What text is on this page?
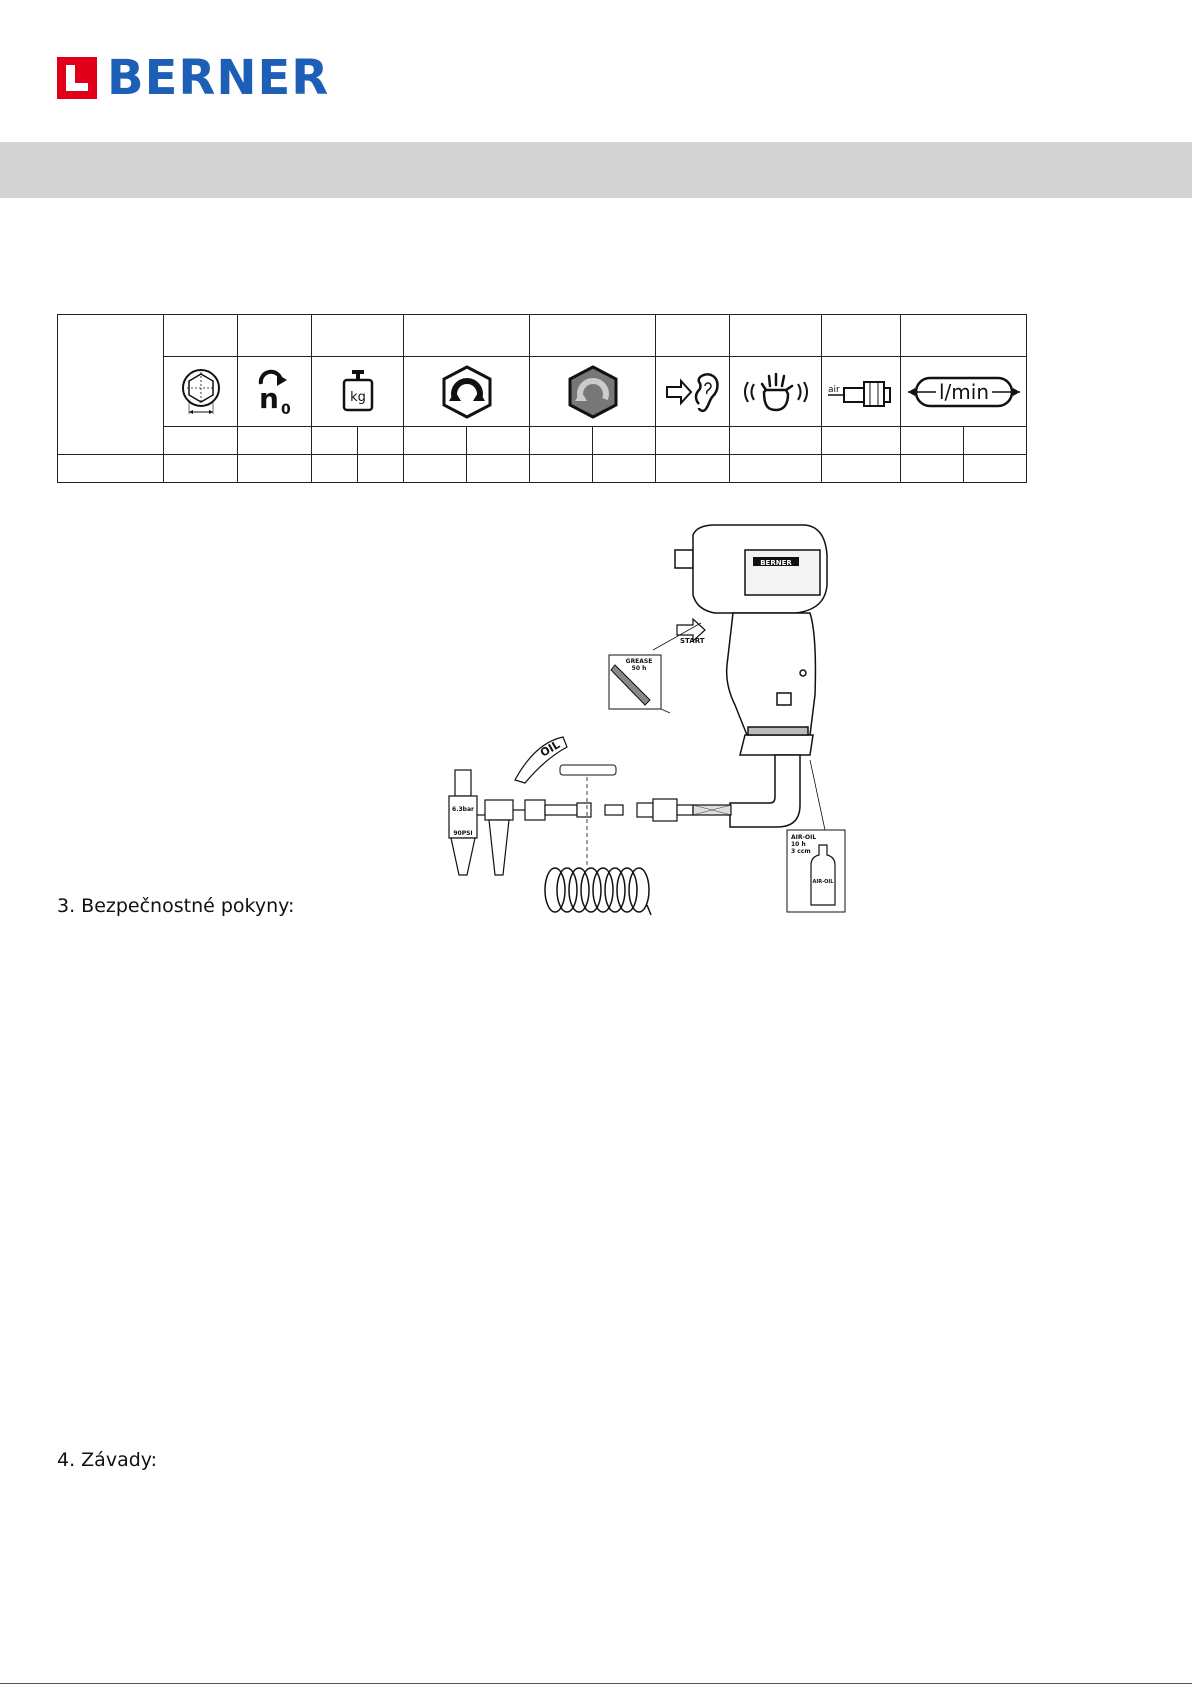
BERNER

n 0	kg								air	l/min	

BERNER
START
GREASE
50 h
6.3bar
90PSI
OIL
AIR-OIL
10 h
3 ccm
AIR-OIL
3. Bezpečnostné pokyny:
4. Závady:
